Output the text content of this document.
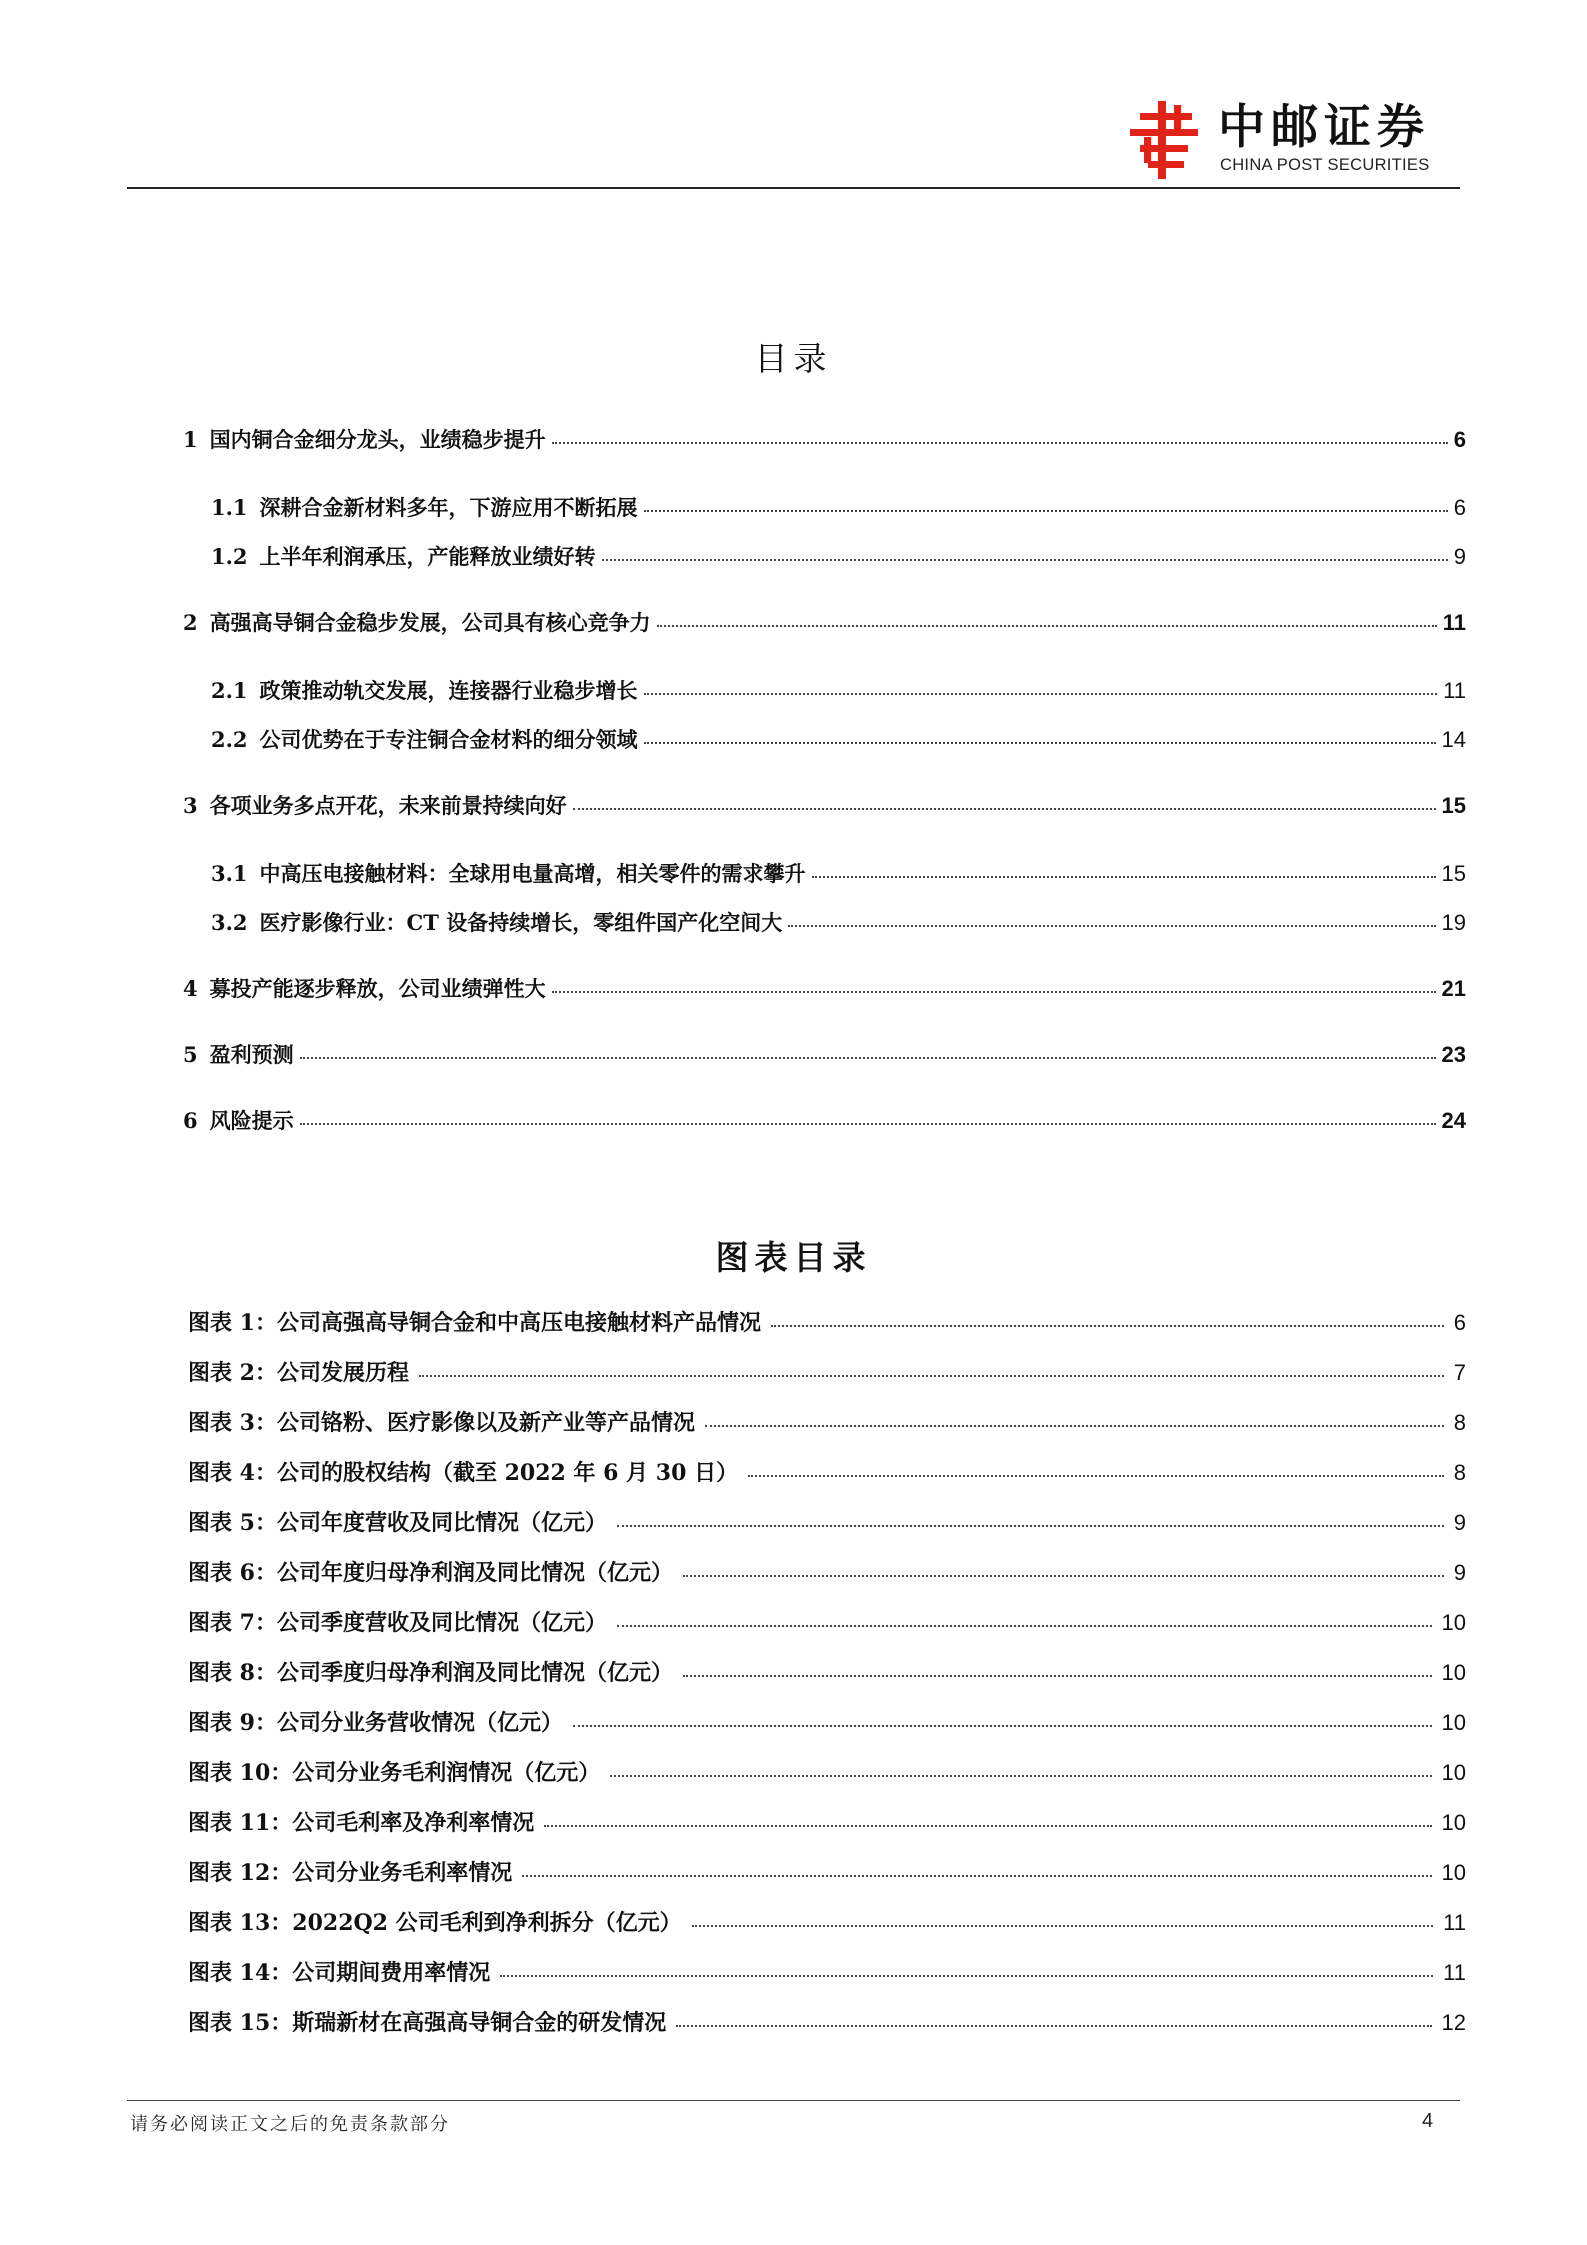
中邮证券
CHINA POST SECURITIES
目录
1 国内铜合金细分龙头，业绩稳步提升	6
1.1 深耕合金新材料多年，下游应用不断拓展	6
1.2 上半年利润承压，产能释放业绩好转	9
2 高强高导铜合金稳步发展，公司具有核心竞争力	11
2.1 政策推动轨交发展，连接器行业稳步增长	11
2.2 公司优势在于专注铜合金材料的细分领域	14
3 各项业务多点开花，未来前景持续向好	15
3.1 中高压电接触材料：全球用电量高增，相关零件的需求攀升	15
3.2 医疗影像行业：CT 设备持续增长，零组件国产化空间大	19
4 募投产能逐步释放，公司业绩弹性大	21
5 盈利预测	23
6 风险提示	24
图表目录
图表 1：公司高强高导铜合金和中高压电接触材料产品情况	6
图表 2：公司发展历程	7
图表 3：公司铬粉、医疗影像以及新产业等产品情况	8
图表 4：公司的股权结构（截至 2022 年 6 月 30 日）	8
图表 5：公司年度营收及同比情况（亿元）	9
图表 6：公司年度归母净利润及同比情况（亿元）	9
图表 7：公司季度营收及同比情况（亿元）	10
图表 8：公司季度归母净利润及同比情况（亿元）	10
图表 9：公司分业务营收情况（亿元）	10
图表 10：公司分业务毛利润情况（亿元）	10
图表 11：公司毛利率及净利率情况	10
图表 12：公司分业务毛利率情况	10
图表 13：2022Q2 公司毛利到净利拆分（亿元）	11
图表 14：公司期间费用率情况	11
图表 15：斯瑞新材在高强高导铜合金的研发情况	12
请务必阅读正文之后的免责条款部分	4
